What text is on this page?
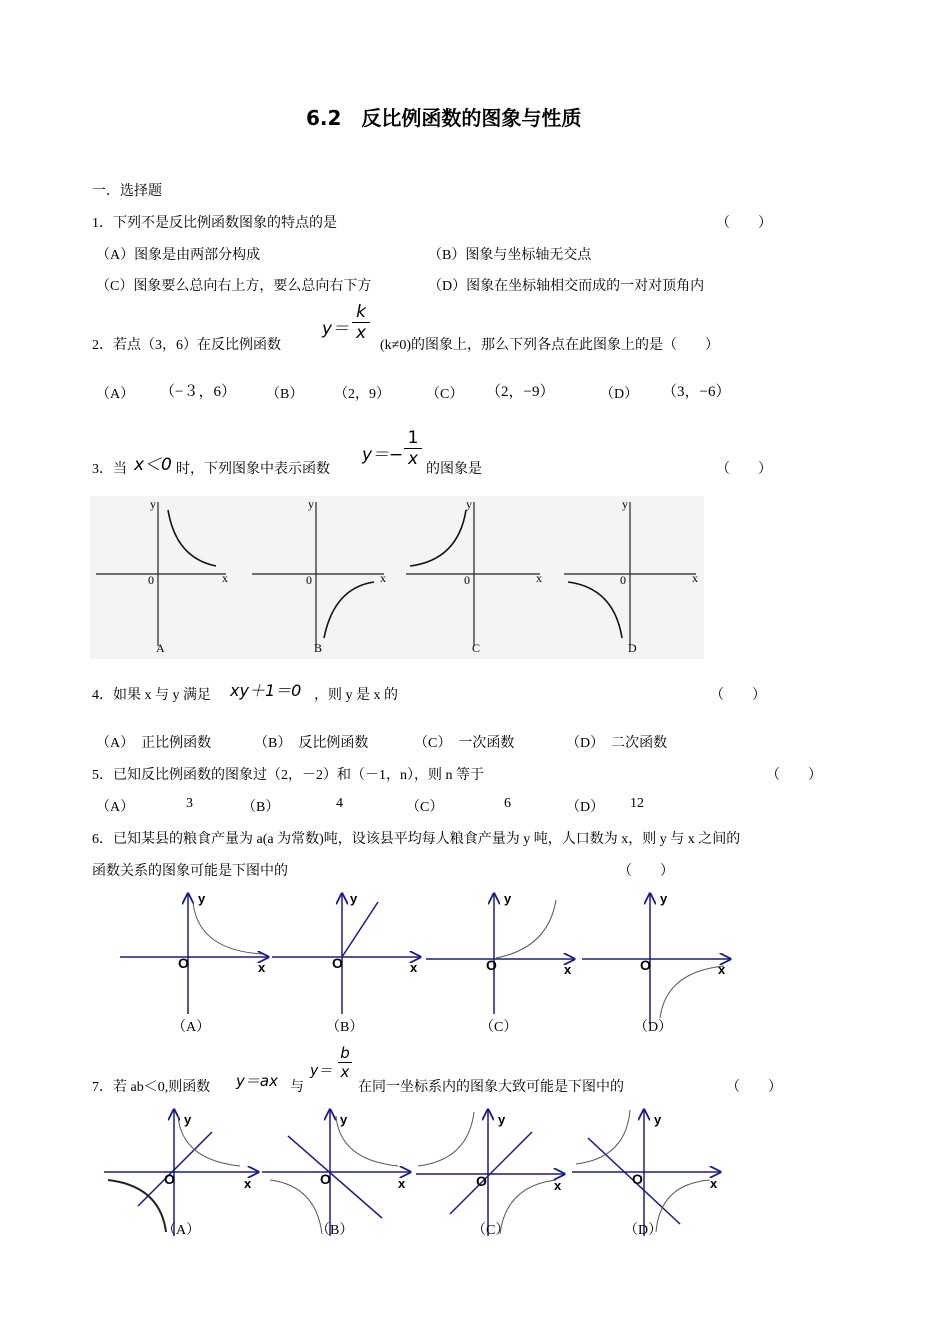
6.2　反比例函数的图象与性质
一．选择题
1．下列不是反比例函数图象的特点的是	（　　）
（A）图象是由两部分构成	（B）图象与坐标轴无交点
（C）图象要么总向右上方，要么总向右下方	（D）图象在坐标轴相交而成的一对对顶角内
2．若点（3，6）在反比例函数
$y= \frac{k}{x}$
(k≠0)的图象上，那么下列各点在此图象上的是（　　）
（A） （−３，6） （B） （2，9）	（C） （2，−9）	（D） （3，−6）
3．当 x＜0 时，下列图象中表示函数
$y=- \frac{1}{x}$
的图象是	（　　）
y
x
0
A
y
x
0
B
y
x
0
C
y
x
0
D
4．如果 x 与 y 满足 xy＋1＝0 ，则 y 是 x 的	（　　）
（A）　正比例函数	（B）　反比例函数	（C）　一次函数	（D）　二次函数
5．已知反比例函数的图象过（2，－2）和（－1，n），则 n 等于	（　　）
（A）	3	（B）	4	（C）	6	（D） 12
6．已知某县的粮食产量为 a(a 为常数)吨，设该县平均每人粮食产量为 y 吨，人口数为 x，则 y 与 x 之间的
函数关系的图象可能是下图中的	（　　）
y
x
O
（A）
y
x
O
（B）
y
x
O
（C）
y
x
O
（D）
7．若 ab＜0,则函数 y＝ax 与
$y= \frac{b}{x}$
在同一坐标系内的图象大致可能是下图中的	（　　）
y
x
O
（A）
y
x
O
（B）
y
x
O
（C）
y
x
O
（D）
